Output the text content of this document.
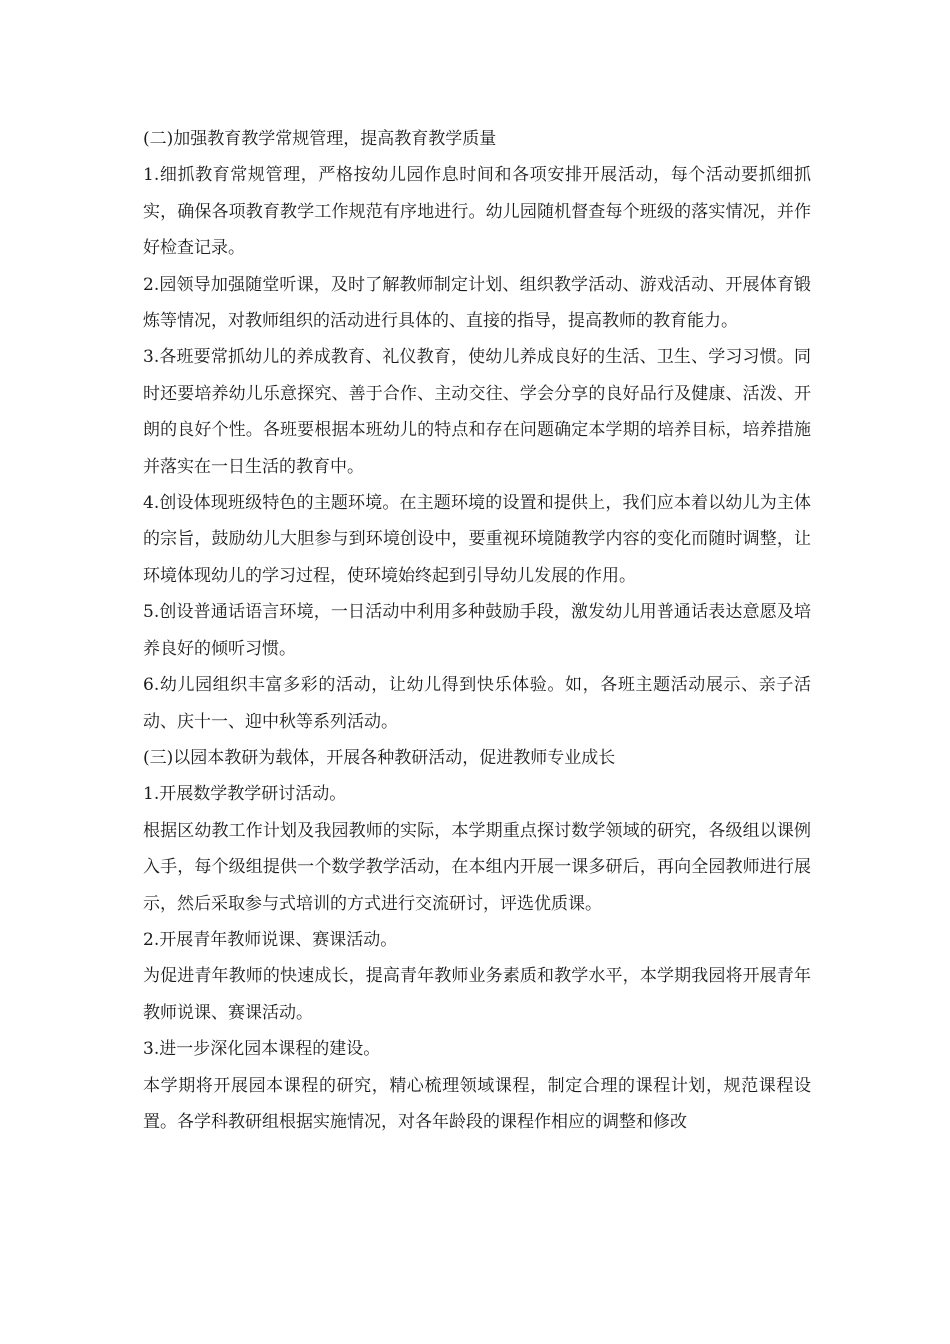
(二)加强教育教学常规管理，提高教育教学质量

1.细抓教育常规管理，严格按幼儿园作息时间和各项安排开展活动，每个活动要抓细抓实，确保各项教育教学工作规范有序地进行。幼儿园随机督查每个班级的落实情况，并作好检查记录。

2.园领导加强随堂听课，及时了解教师制定计划、组织教学活动、游戏活动、开展体育锻炼等情况，对教师组织的活动进行具体的、直接的指导，提高教师的教育能力。

3.各班要常抓幼儿的养成教育、礼仪教育，使幼儿养成良好的生活、卫生、学习习惯。同时还要培养幼儿乐意探究、善于合作、主动交往、学会分享的良好品行及健康、活泼、开朗的良好个性。各班要根据本班幼儿的特点和存在问题确定本学期的培养目标，培养措施并落实在一日生活的教育中。

4.创设体现班级特色的主题环境。在主题环境的设置和提供上，我们应本着以幼儿为主体的宗旨，鼓励幼儿大胆参与到环境创设中，要重视环境随教学内容的变化而随时调整，让环境体现幼儿的学习过程，使环境始终起到引导幼儿发展的作用。

5.创设普通话语言环境，一日活动中利用多种鼓励手段，激发幼儿用普通话表达意愿及培养良好的倾听习惯。

6.幼儿园组织丰富多彩的活动，让幼儿得到快乐体验。如，各班主题活动展示、亲子活动、庆十一、迎中秋等系列活动。

(三)以园本教研为载体，开展各种教研活动，促进教师专业成长

1.开展数学教学研讨活动。

根据区幼教工作计划及我园教师的实际，本学期重点探讨数学领域的研究，各级组以课例入手，每个级组提供一个数学教学活动，在本组内开展一课多研后，再向全园教师进行展示，然后采取参与式培训的方式进行交流研讨，评选优质课。

2.开展青年教师说课、赛课活动。

为促进青年教师的快速成长，提高青年教师业务素质和教学水平，本学期我园将开展青年教师说课、赛课活动。

3.进一步深化园本课程的建设。

本学期将开展园本课程的研究，精心梳理领域课程，制定合理的课程计划，规范课程设置。各学科教研组根据实施情况，对各年龄段的课程作相应的调整和修改
